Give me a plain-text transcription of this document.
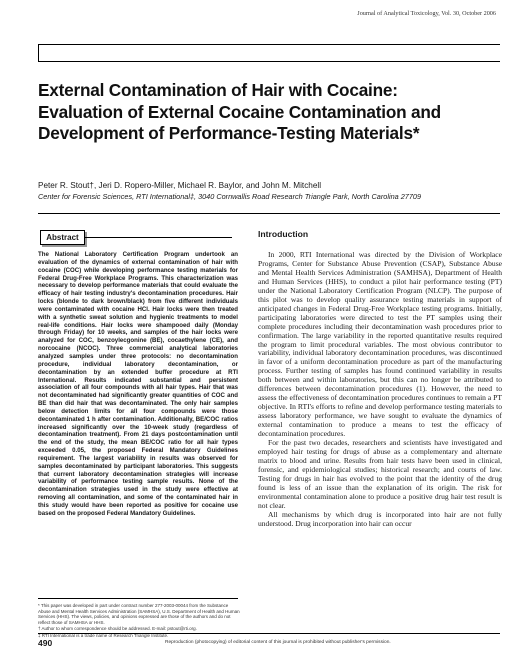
Journal of Analytical Toxicology, Vol. 30, October 2006
External Contamination of Hair with Cocaine:
Evaluation of External Cocaine Contamination and
Development of Performance-Testing Materials*
Peter R. Stout†, Jeri D. Ropero-Miller, Michael R. Baylor, and John M. Mitchell
Center for Forensic Sciences, RTI International‡, 3040 Cornwallis Road Research Triangle Park, North Carolina 27709
Abstract

The National Laboratory Certification Program undertook an evaluation of the dynamics of external contamination of hair with cocaine (COC) while developing performance testing materials for Federal Drug-Free Workplace Programs. This characterization was necessary to develop performance materials that could evaluate the efficacy of hair testing industry's decontamination procedures. Hair locks (blonde to dark brown/black) from five different individuals were contaminated with cocaine HCl. Hair locks were then treated with a synthetic sweat solution and hygienic treatments to model real-life conditions. Hair locks were shampooed daily (Monday through Friday) for 10 weeks, and samples of the hair locks were analyzed for COC, benzoylecgonine (BE), cocaethylene (CE), and norcocaine (NCOC). Three commercial analytical laboratories analyzed samples under three protocols: no decontamination procedure, individual laboratory decontamination, or decontamination by an extended buffer procedure at RTI International. Results indicated substantial and persistent association of all four compounds with all hair types. Hair that was not decontaminated had significantly greater quantities of COC and BE than did hair that was decontaminated. The only hair samples below detection limits for all four compounds were those decontaminated 1 h after contamination. Additionally, BE/COC ratios increased significantly over the 10-week study (regardless of decontamination treatment). From 21 days postcontamination until the end of the study, the mean BE/COC ratio for all hair types exceeded 0.05, the proposed Federal Mandatory Guidelines requirement. The largest variability in results was observed for samples decontaminated by participant laboratories. This suggests that current laboratory decontamination strategies will increase variability of performance testing sample results. None of the decontamination strategies used in the study were effective at removing all contamination, and some of the contaminated hair in this study would have been reported as positive for cocaine use based on the proposed Federal Mandatory Guidelines.

Introduction

In 2000, RTI International was directed by the Division of Workplace Programs, Center for Substance Abuse Prevention (CSAP), Substance Abuse and Mental Health Services Administration (SAMHSA), Department of Health and Human Services (HHS), to conduct a pilot hair performance testing (PT) under the National Laboratory Certification Program (NLCP). The purpose of this pilot was to develop quality assurance testing materials in support of anticipated changes in Federal Drug-Free Workplace testing programs. Initially, participating laboratories were directed to test the PT samples using their complete procedures including their decontamination wash procedures prior to confirmation. The large variability in the reported quantitative results required the program to limit procedural variables. The most obvious contributor to variability, individual laboratory decontamination procedures, was discontinued in favor of a uniform decontamination procedure as part of the manufacturing process. Further testing of samples has found continued variability in results both between and within laboratories, but this can no longer be attributed to differences between decontamination procedures (1). However, the need to assess the effectiveness of decontamination procedures continues to remain a PT objective. In RTI's efforts to refine and develop performance testing materials to assess laboratory performance, we have sought to evaluate the dynamics of external contamination to produce a means to test the efficacy of decontamination procedures.

For the past two decades, researchers and scientists have investigated and employed hair testing for drugs of abuse as a complementary and alternate matrix to blood and urine. Results from hair tests have been used in clinical, forensic, and epidemiological studies; historical research; and courts of law. Testing for drugs in hair has evolved to the point that the identity of the drug found is less of an issue than the explanation of its origin. The risk for environmental contamination alone to produce a positive drug hair test result is not clear.

All mechanisms by which drug is incorporated into hair are not fully understood. Drug incorporation into hair can occur

* This paper was developed in part under contract number 277-2003-00044 from the Substance Abuse and Mental Health Services Administration (SAMHSA), U.S. Department of Health and Human Services (HHS). The views, policies, and opinions expressed are those of the authors and do not reflect those of SAMHSA or HHS.
† Author to whom correspondence should be addressed. E-mail: pstout@rti.org.
‡ RTI International is a trade name of Research Triangle Institute.
490	Reproduction (photocopying) of editorial content of this journal is prohibited without publisher's permission.
